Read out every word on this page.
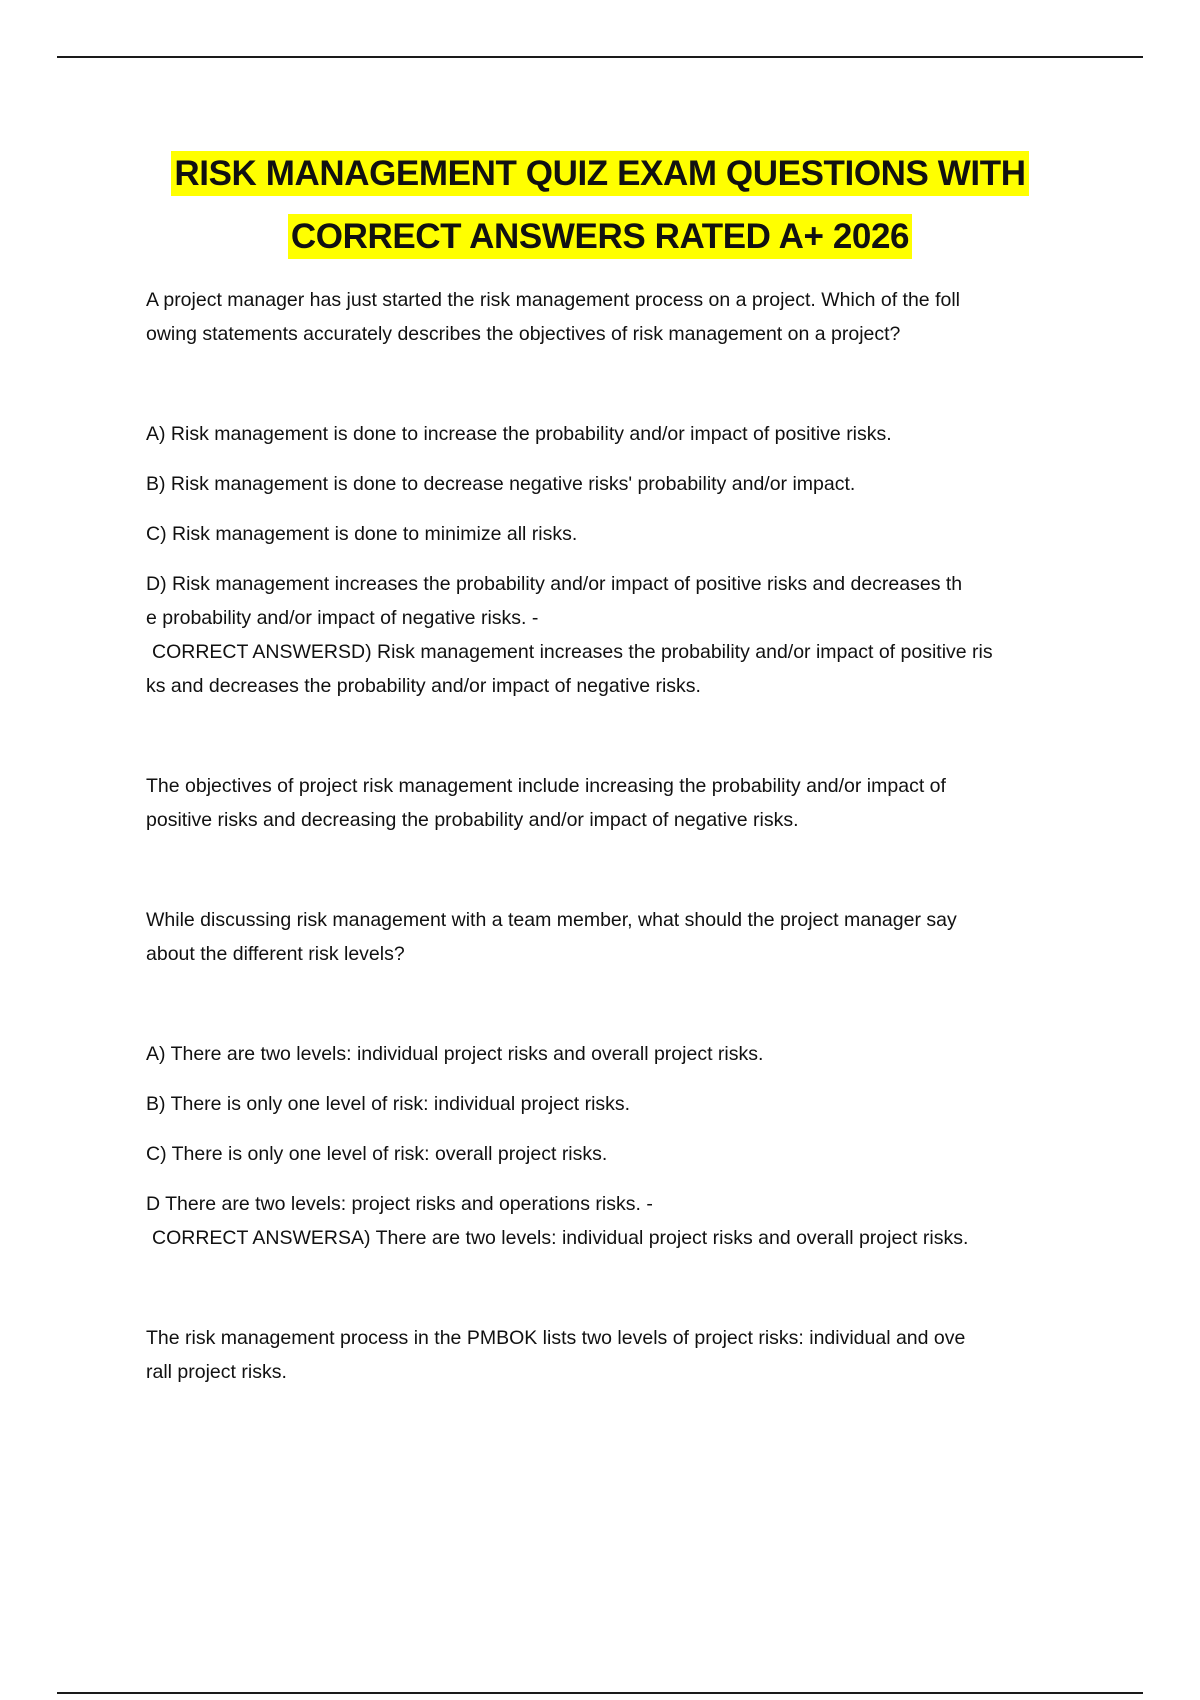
RISK MANAGEMENT QUIZ EXAM QUESTIONS WITH
CORRECT ANSWERS RATED A+ 2026

A project manager has just started the risk management process on a project. Which of the foll
owing statements accurately describes the objectives of risk management on a project?

A) Risk management is done to increase the probability and/or impact of positive risks.

B) Risk management is done to decrease negative risks' probability and/or impact.

C) Risk management is done to minimize all risks.

D) Risk management increases the probability and/or impact of positive risks and decreases th
e probability and/or impact of negative risks. -
CORRECT ANSWERSD) Risk management increases the probability and/or impact of positive ris
ks and decreases the probability and/or impact of negative risks.

The objectives of project risk management include increasing the probability and/or impact of
positive risks and decreasing the probability and/or impact of negative risks.

While discussing risk management with a team member, what should the project manager say
about the different risk levels?

A) There are two levels: individual project risks and overall project risks.

B) There is only one level of risk: individual project risks.

C) There is only one level of risk: overall project risks.

D There are two levels: project risks and operations risks. -
CORRECT ANSWERSA) There are two levels: individual project risks and overall project risks.

The risk management process in the PMBOK lists two levels of project risks: individual and ove
rall project risks.
